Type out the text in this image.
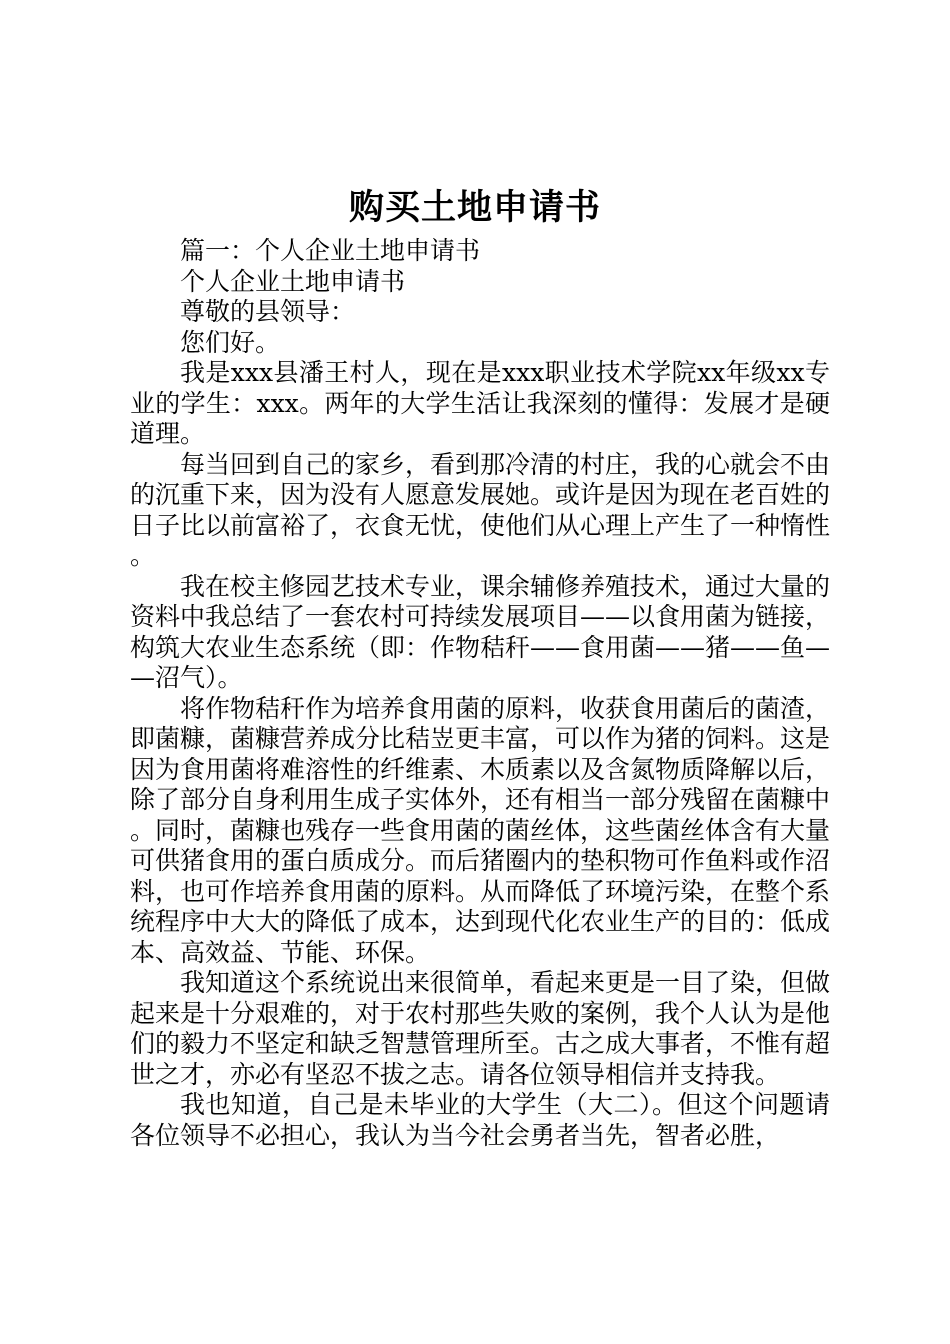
购买土地申请书

篇一：个人企业土地申请书

个人企业土地申请书

尊敬的县领导：

您们好。

我是xxx县潘王村人，现在是xxx职业技术学院xx年级xx专业的学生：xxx。两年的大学生活让我深刻的懂得：发展才是硬道理。

每当回到自己的家乡，看到那冷清的村庄，我的心就会不由的沉重下来，因为没有人愿意发展她。或许是因为现在老百姓的日子比以前富裕了，衣食无忧，使他们从心理上产生了一种惰性。

我在校主修园艺技术专业，课余辅修养殖技术，通过大量的资料中我总结了一套农村可持续发展项目——以食用菌为链接，构筑大农业生态系统（即：作物秸秆——食用菌——猪——鱼——沼气）。

将作物秸秆作为培养食用菌的原料，收获食用菌后的菌渣，即菌糠，菌糠营养成分比秸岦更丰富，可以作为猪的饲料。这是因为食用菌将难溶性的纤维素、木质素以及含氮物质降解以后，除了部分自身利用生成子实体外，还有相当一部分残留在菌糠中。同时，菌糠也残存一些食用菌的菌丝体，这些菌丝体含有大量可供猪食用的蛋白质成分。而后猪圈内的垫积物可作鱼料或作沼料，也可作培养食用菌的原料。从而降低了环境污染，在整个系统程序中大大的降低了成本，达到现代化农业生产的目的：低成本、高效益、节能、环保。

我知道这个系统说出来很简单，看起来更是一目了染，但做起来是十分艰难的，对于农村那些失败的案例，我个人认为是他们的毅力不坚定和缺乏智慧管理所至。古之成大事者，不惟有超世之才，亦必有坚忍不拔之志。请各位领导相信并支持我。

我也知道，自己是未毕业的大学生（大二）。但这个问题请各位领导不必担心，我认为当今社会勇者当先，智者必胜，
